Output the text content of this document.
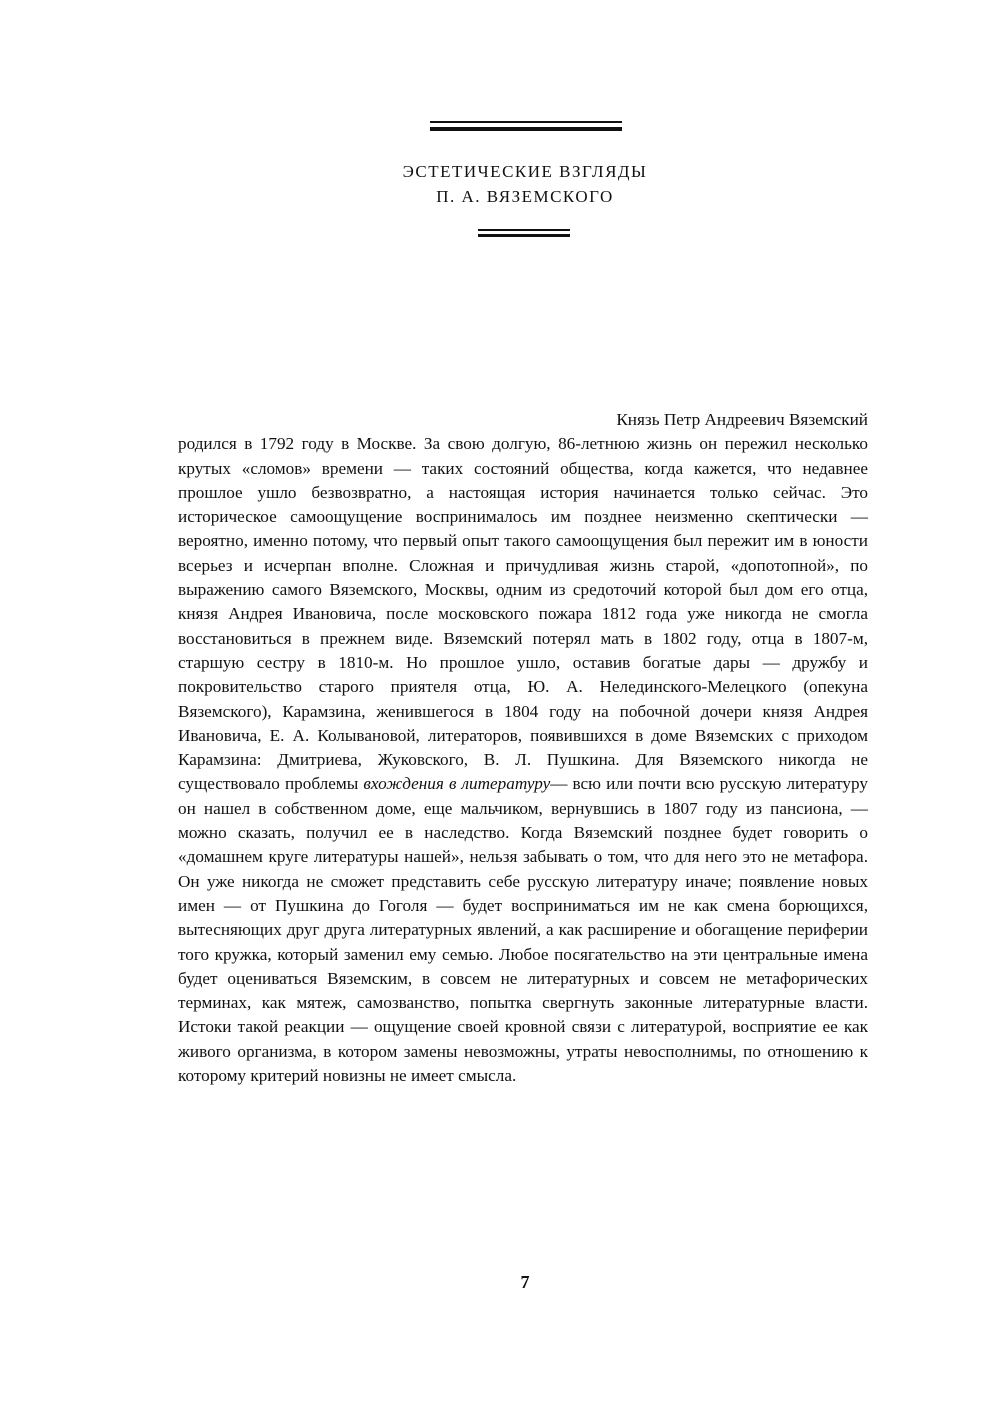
ЭСТЕТИЧЕСКИЕ ВЗГЛЯДЫ
П. А. ВЯЗЕМСКОГО
Князь Петр Андреевич Вяземский
родился в 1792 году в Москве. За свою долгую, 86-летнюю жизнь он пережил несколько крутых «сломов» времени — таких состояний общества, когда кажется, что недавнее прошлое ушло безвозвратно, а настоящая история начинается только сейчас. Это историческое самоощущение воспринималось им позднее неизменно скептически — вероятно, именно потому, что первый опыт такого самоощущения был пережит им в юности всерьез и исчерпан вполне. Сложная и причудливая жизнь старой, «допотопной», по выражению самого Вяземского, Москвы, одним из средоточий которой был дом его отца, князя Андрея Ивановича, после московского пожара 1812 года уже никогда не смогла восстановиться в прежнем виде. Вяземский потерял мать в 1802 году, отца в 1807-м, старшую сестру в 1810-м. Но прошлое ушло, оставив богатые дары — дружбу и покровительство старого приятеля отца, Ю. А. Нелединского-Мелецкого (опекуна Вяземского), Карамзина, женившегося в 1804 году на побочной дочери князя Андрея Ивановича, Е. А. Колывановой, литераторов, появившихся в доме Вяземских с приходом Карамзина: Дмитриева, Жуковского, В. Л. Пушкина. Для Вяземского никогда не существовало проблемы вхождения в литературу— всю или почти всю русскую литературу он нашел в собственном доме, еще мальчиком, вернувшись в 1807 году из пансиона, — можно сказать, получил ее в наследство. Когда Вяземский позднее будет говорить о «домашнем круге литературы нашей», нельзя забывать о том, что для него это не метафора. Он уже никогда не сможет представить себе русскую литературу иначе; появление новых имен — от Пушкина до Гоголя — будет восприниматься им не как смена борющихся, вытесняющих друг друга литературных явлений, а как расширение и обогащение периферии того кружка, который заменил ему семью. Любое посягательство на эти центральные имена будет оцениваться Вяземским, в совсем не литературных и совсем не метафорических терминах, как мятеж, самозванство, попытка свергнуть законные литературные власти. Истоки такой реакции — ощущение своей кровной связи с литературой, восприятие ее как живого организма, в котором замены невозможны, утраты невосполнимы, по отношению к которому критерий новизны не имеет смысла.
7
